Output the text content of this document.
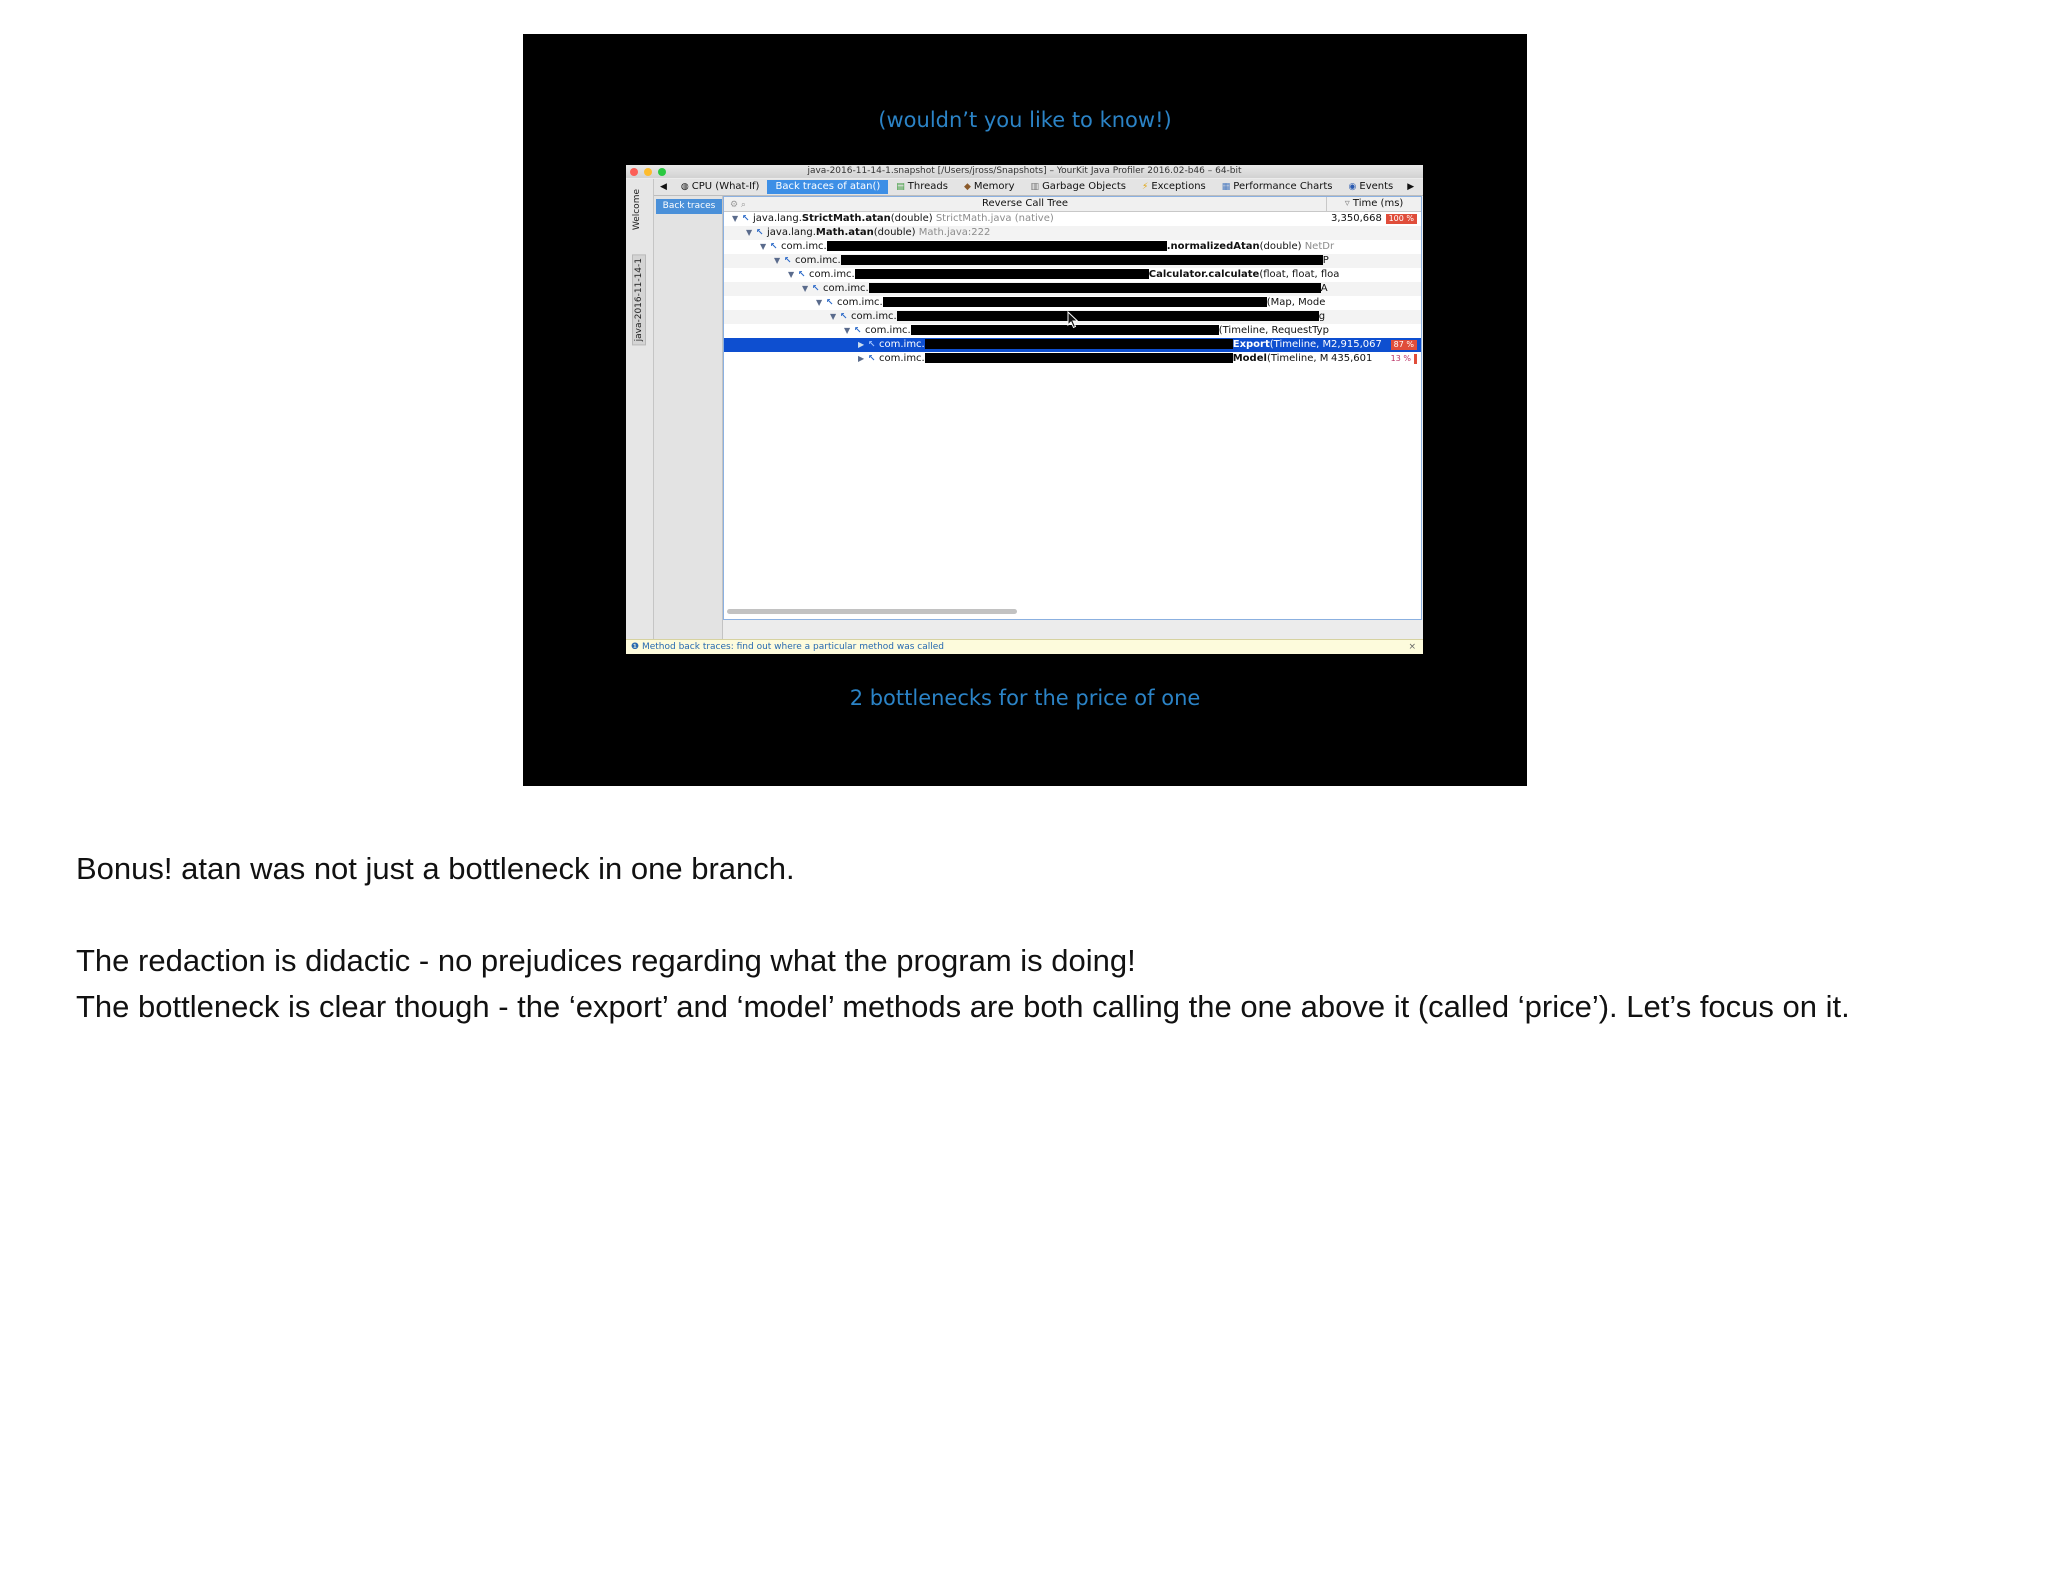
(wouldn’t you like to know!)
java-2016-11-14-1.snapshot [/Users/jross/Snapshots] – YourKit Java Profiler 2016.02-b46 – 64-bit
Welcome
java-2016-11-14-1
◀	◍ CPU (What-If) Back traces of atan() ▤ Threads ◆ Memory ▥ Garbage Objects ⚡ Exceptions ▦ Performance Charts ◉ Events	▶
Back traces	⚙ ⌕	Reverse Call Tree	▿ Time (ms)
▼ ↖ java.lang.StrictMath.atan(double) StrictMath.java (native)	3,350,668 100 %
▼ ↖ java.lang.Math.atan(double) Math.java:222
▼ ↖ com.imc.	.normalizedAtan(double) NetDr
▼ ↖ com.imc.	P
▼ ↖ com.imc.	Calculator.calculate(float, float, floa
▼ ↖ com.imc.	A
▼ ↖ com.imc.	(Map, Mode
▼ ↖ com.imc.	g
▼ ↖ com.imc.	(Timeline, RequestTyp
▶ ↖ com.imc.	Export(Timeline, M 2,915,067	87 %
▶ ↖ com.imc.	Model(Timeline, M 435,601	13 %
❶ Method back traces: find out where a particular method was called	×
2 bottlenecks for the price of one
Bonus! atan was not just a bottleneck in one branch.
The redaction is didactic - no prejudices regarding what the program is doing!
The bottleneck is clear though - the ‘export’ and ‘model’ methods are both calling the one above it (called ‘price’). Let’s focus on it.
